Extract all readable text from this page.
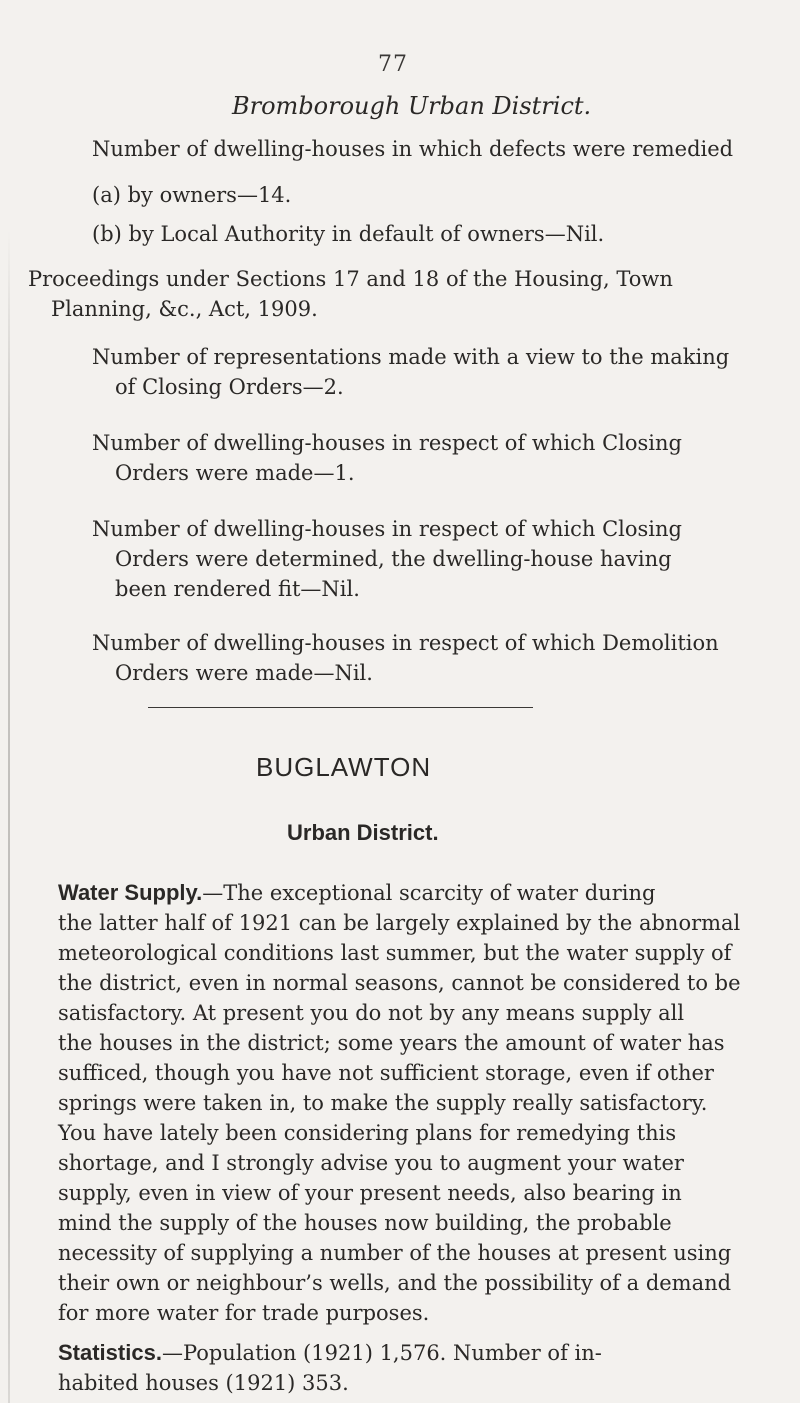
77
Bromborough Urban District.
Number of dwelling-houses in which defects were remedied
(a) by owners—14.
(b) by Local Authority in default of owners—Nil.
Proceedings under Sections 17 and 18 of the Housing, Town
Planning, &c., Act, 1909.
Number of representations made with a view to the making
of Closing Orders—2.
Number of dwelling-houses in respect of which Closing
Orders were made—1.
Number of dwelling-houses in respect of which Closing
Orders were determined, the dwelling-house having
been rendered fit—Nil.
Number of dwelling-houses in respect of which Demolition
Orders were made—Nil.
BUGLAWTON
Urban District.
Water Supply.—The exceptional scarcity of water during
the latter half of 1921 can be largely explained by the abnormal
meteorological conditions last summer, but the water supply of
the district, even in normal seasons, cannot be considered to be
satisfactory. At present you do not by any means supply all
the houses in the district; some years the amount of water has
sufficed, though you have not sufficient storage, even if other
springs were taken in, to make the supply really satisfactory.
You have lately been considering plans for remedying this
shortage, and I strongly advise you to augment your water
supply, even in view of your present needs, also bearing in
mind the supply of the houses now building, the probable
necessity of supplying a number of the houses at present using
their own or neighbour’s wells, and the possibility of a demand
for more water for trade purposes.
Statistics.—Population (1921) 1,576. Number of in-
habited houses (1921) 353.
